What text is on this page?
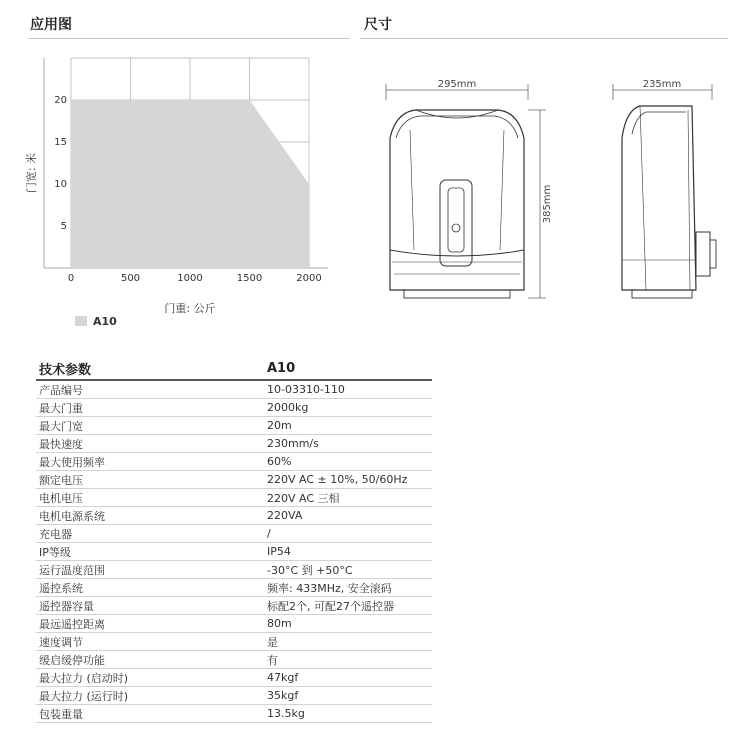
应用图	尺寸
0	500	1000	1500	2000
5
10
15
20
门重: 公斤
门宽: 米
A10
295mm
385mm
235mm
技术参数	A10
产品编号	10-03310-110
最大门重	2000kg
最大门宽	20m
最快速度	230mm/s
最大使用频率	60%
额定电压	220V AC ± 10%, 50/60Hz
电机电压	220V AC 三相
电机电源系统	220VA
充电器	/
IP等级	IP54
运行温度范围	-30°C 到 +50°C
遥控系统	频率: 433MHz, 安全滚码
遥控器容量	标配2个, 可配27个遥控器
最远遥控距离	80m
速度调节	是
缓启缓停功能	有
最大拉力 (启动时)	47kgf
最大拉力 (运行时)	35kgf
包装重量	13.5kg
